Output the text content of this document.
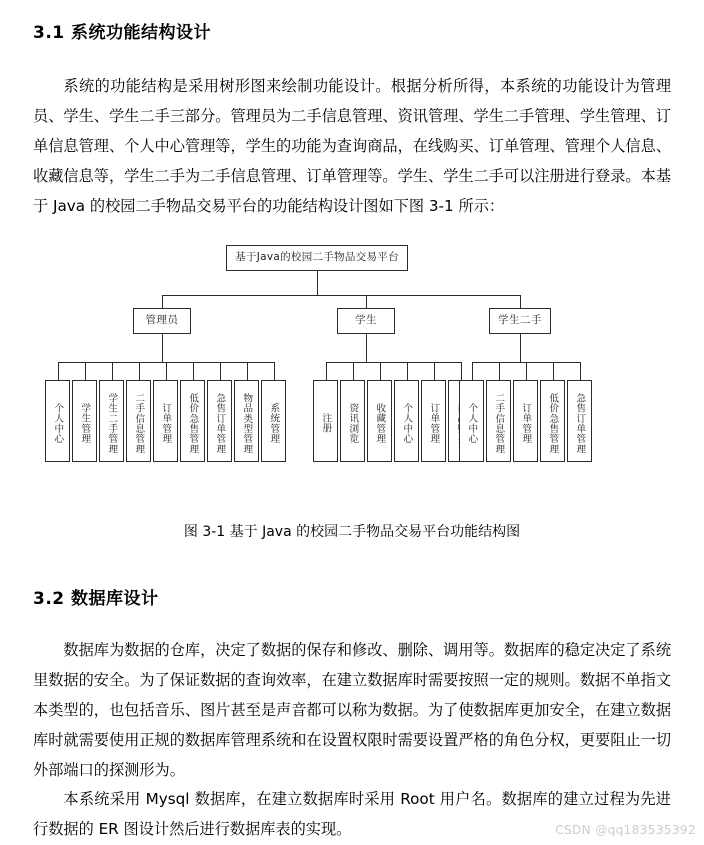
3.1 系统功能结构设计

系统的功能结构是采用树形图来绘制功能设计。根据分析所得，本系统的功能设计为管理员、学生、学生二手三部分。管理员为二手信息管理、资讯管理、学生二手管理、学生管理、订单信息管理、个人中心管理等，学生的功能为查询商品，在线购买、订单管理、管理个人信息、收藏信息等，学生二手为二手信息管理、订单管理等。学生、学生二手可以注册进行登录。本基于 Java 的校园二手物品交易平台的功能结构设计图如下图 3-1 所示：

基于Java的校园二手物品交易平台
管理员
个人中心	学生管理	学生二手管理	二手信息管理	订单管理	低价急售管理	急售订单管理	物品类型管理	系统管理
学生
注册	资讯浏览	收藏管理	个人中心	订单管理
学生二手
个人中心	二手信息管理	订单管理	低价急售管理	急售订单管理
图 3-1 基于 Java 的校园二手物品交易平台功能结构图
3.2 数据库设计

数据库为数据的仓库，决定了数据的保存和修改、删除、调用等。数据库的稳定决定了系统里数据的安全。为了保证数据的查询效率，在建立数据库时需要按照一定的规则。数据不单指文本类型的，也包括音乐、图片甚至是声音都可以称为数据。为了使数据库更加安全，在建立数据库时就需要使用正规的数据库管理系统和在设置权限时需要设置严格的角色分权，更要阻止一切外部端口的探测形为。

本系统采用 Mysql 数据库，在建立数据库时采用 Root 用户名。数据库的建立过程为先进行数据的 ER 图设计然后进行数据库表的实现。	CSDN @qq183535392
